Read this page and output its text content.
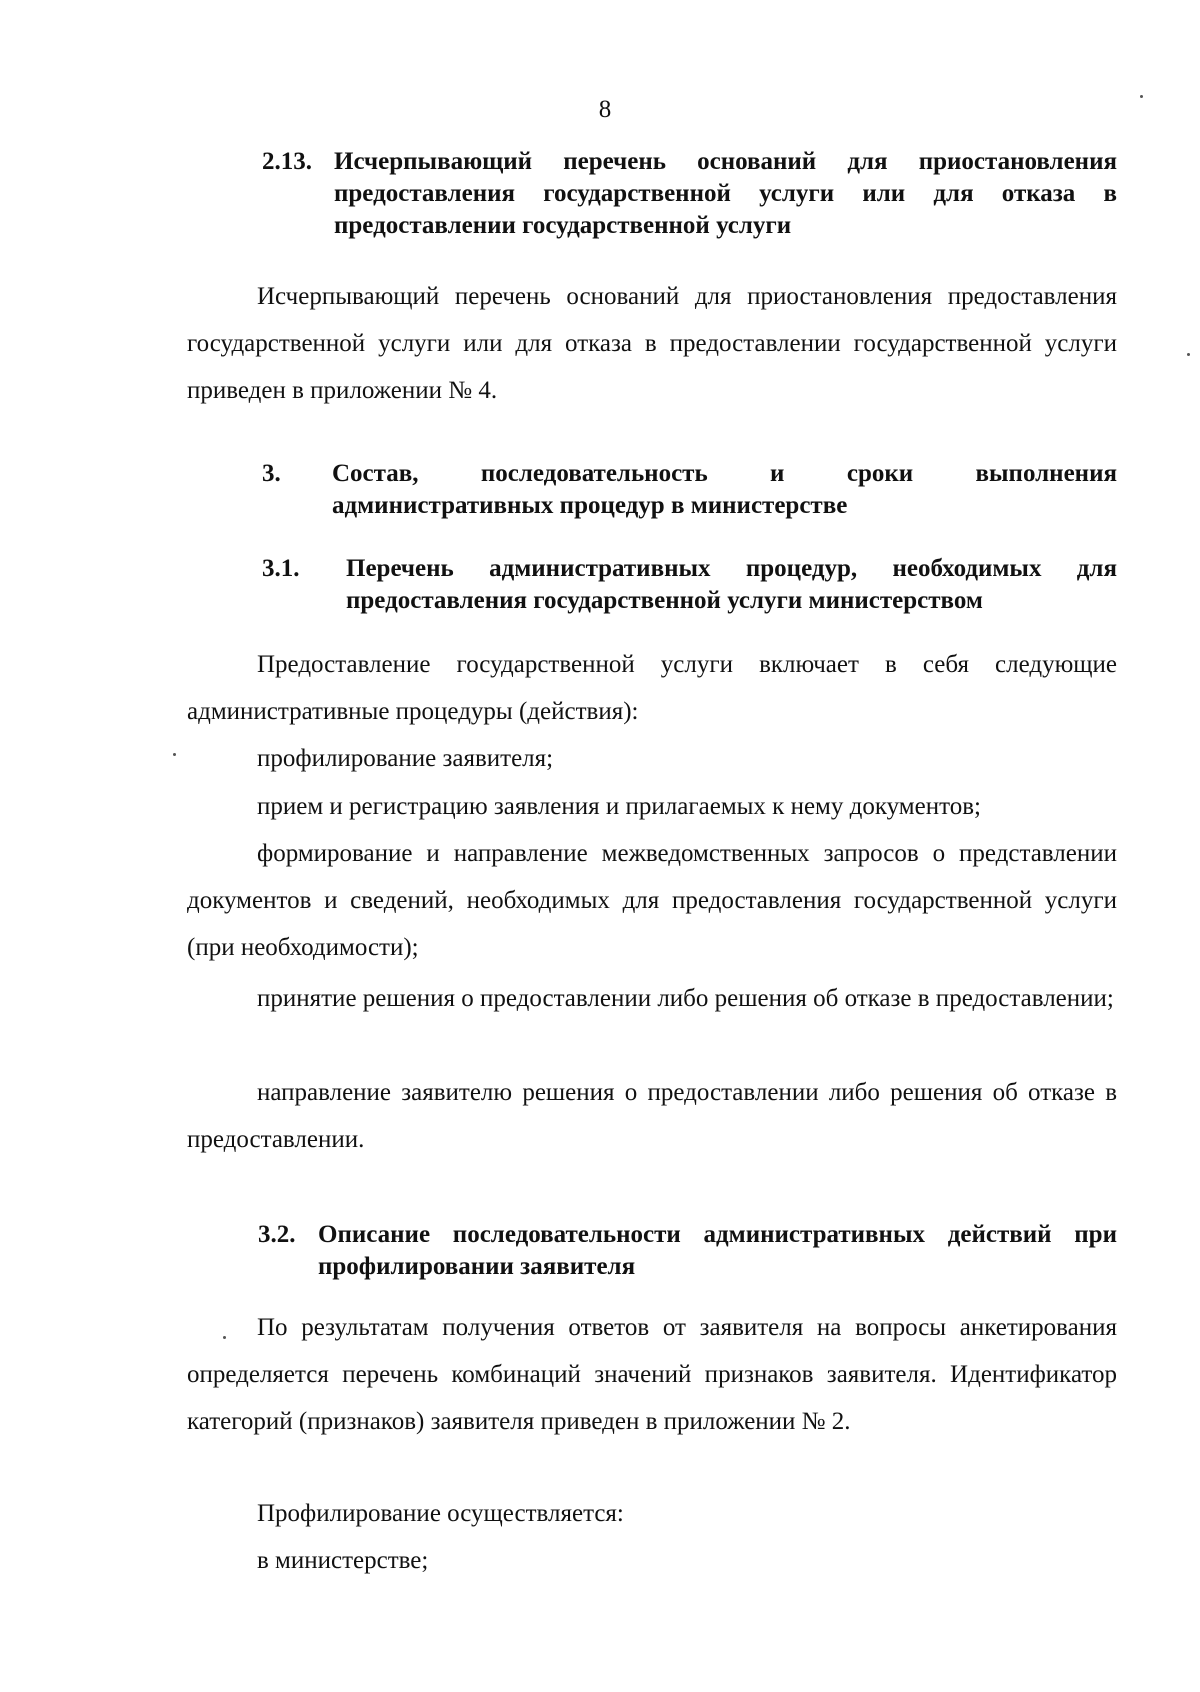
8
2.13. Исчерпывающий перечень оснований для приостановления предоставления государственной услуги или для отказа в предоставлении государственной услуги
Исчерпывающий перечень оснований для приостановления предоставления государственной услуги или для отказа в предоставлении государственной услуги приведен в приложении № 4.
3. Состав, последовательность и сроки выполнения административных процедур в министерстве
3.1. Перечень административных процедур, необходимых для предоставления государственной услуги министерством
Предоставление государственной услуги включает в себя следующие административные процедуры (действия):
профилирование заявителя;
прием и регистрацию заявления и прилагаемых к нему документов;
формирование и направление межведомственных запросов о представлении документов и сведений, необходимых для предоставления государственной услуги (при необходимости);
принятие решения о предоставлении либо решения об отказе в предоставлении;
направление заявителю решения о предоставлении либо решения об отказе в предоставлении.
3.2. Описание последовательности административных действий при профилировании заявителя
По результатам получения ответов от заявителя на вопросы анкетирования определяется перечень комбинаций значений признаков заявителя. Идентификатор категорий (признаков) заявителя приведен в приложении № 2.
Профилирование осуществляется:
в министерстве;
